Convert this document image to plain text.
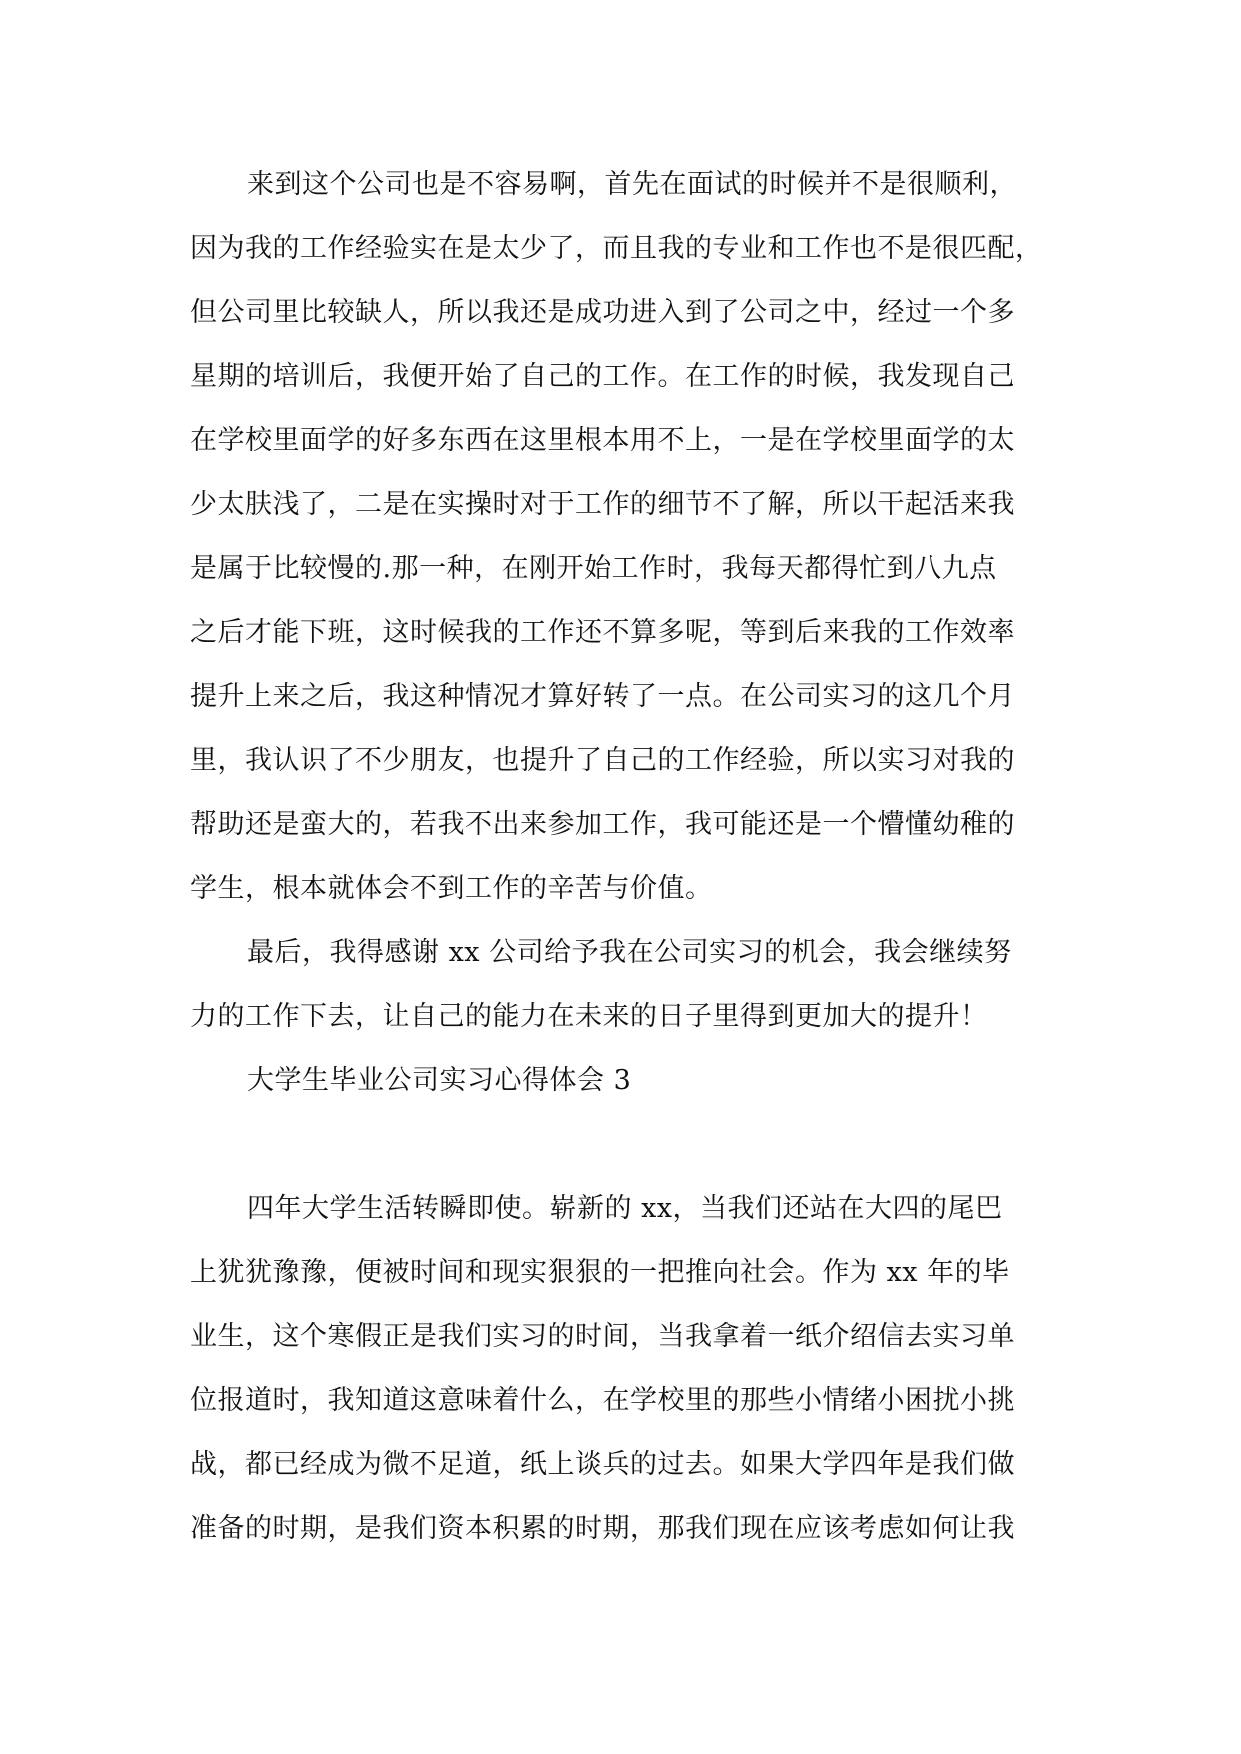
来到这个公司也是不容易啊，首先在面试的时候并不是很顺利，
因为我的工作经验实在是太少了，而且我的专业和工作也不是很匹配，
但公司里比较缺人，所以我还是成功进入到了公司之中，经过一个多
星期的培训后，我便开始了自己的工作。在工作的时候，我发现自己
在学校里面学的好多东西在这里根本用不上，一是在学校里面学的太
少太肤浅了，二是在实操时对于工作的细节不了解，所以干起活来我
是属于比较慢的.那一种，在刚开始工作时，我每天都得忙到八九点
之后才能下班，这时候我的工作还不算多呢，等到后来我的工作效率
提升上来之后，我这种情况才算好转了一点。在公司实习的这几个月
里，我认识了不少朋友，也提升了自己的工作经验，所以实习对我的
帮助还是蛮大的，若我不出来参加工作，我可能还是一个懵懂幼稚的
学生，根本就体会不到工作的辛苦与价值。
最后，我得感谢 xx 公司给予我在公司实习的机会，我会继续努
力的工作下去，让自己的能力在未来的日子里得到更加大的提升！
大学生毕业公司实习心得体会 3
四年大学生活转瞬即使。崭新的 xx，当我们还站在大四的尾巴
上犹犹豫豫，便被时间和现实狠狠的一把推向社会。作为 xx 年的毕
业生，这个寒假正是我们实习的时间，当我拿着一纸介绍信去实习单
位报道时，我知道这意味着什么，在学校里的那些小情绪小困扰小挑
战，都已经成为微不足道，纸上谈兵的过去。如果大学四年是我们做
准备的时期，是我们资本积累的时期，那我们现在应该考虑如何让我
